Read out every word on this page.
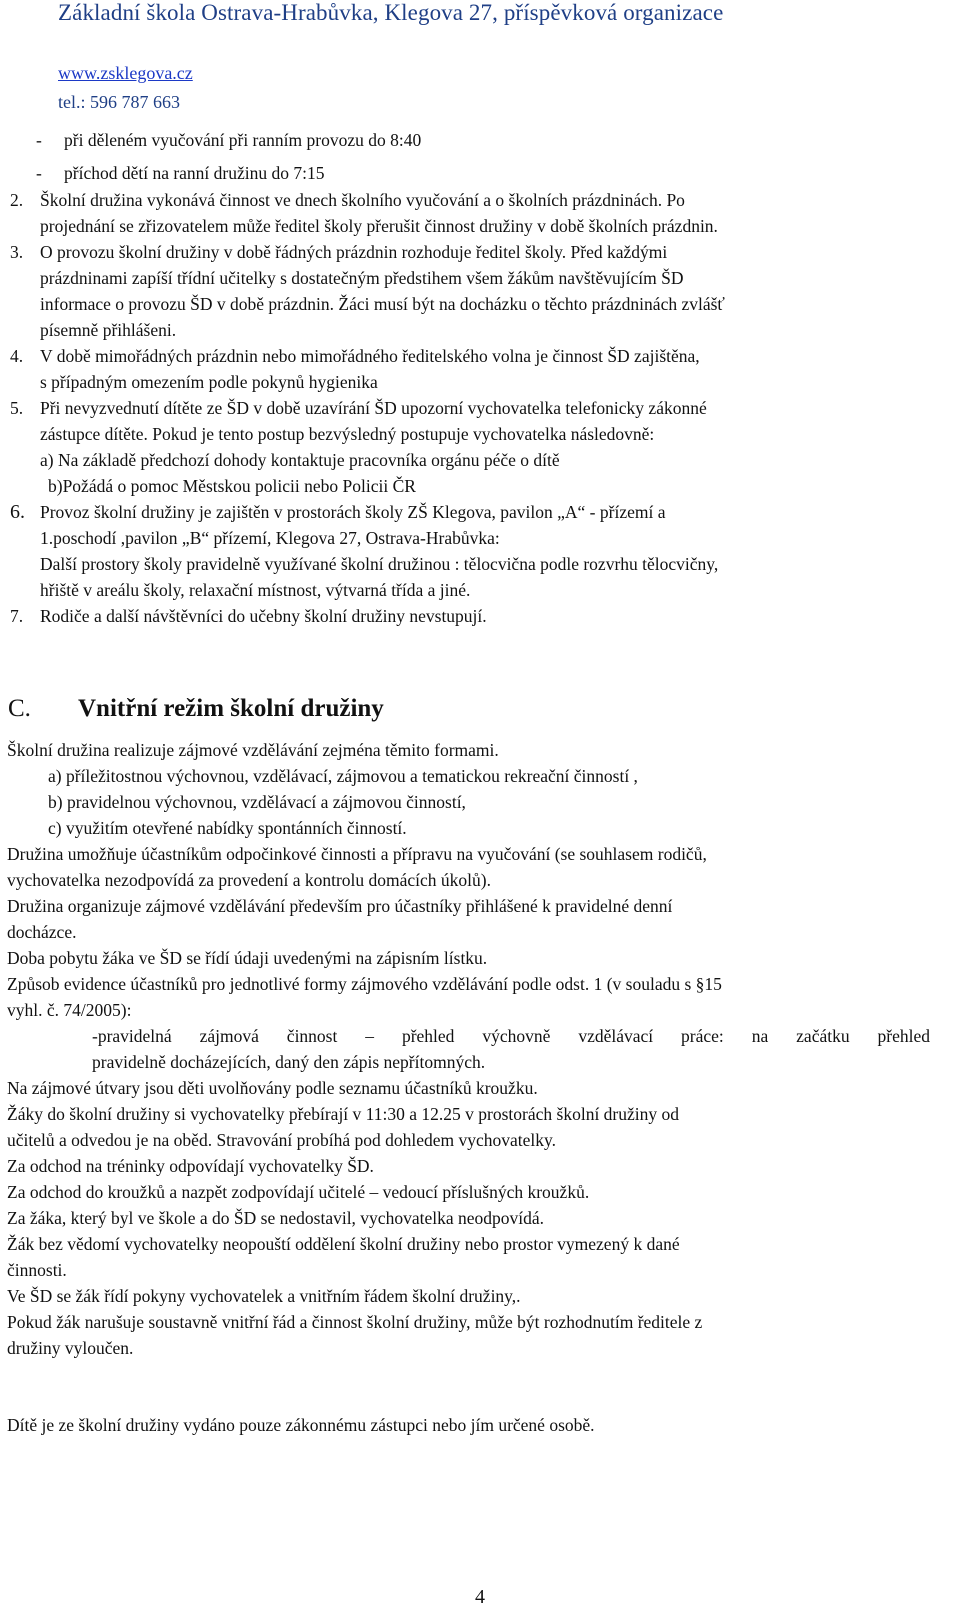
Základní škola Ostrava-Hrabůvka, Klegova 27, příspěvková organizace
www.zsklegova.cz
tel.: 596 787 663
- při děleném vyučování při ranním provozu do 8:40
- příchod dětí na ranní družinu do 7:15
2. Školní družina vykonává činnost ve dnech školního vyučování a o školních prázdninách. Po
projednání se zřizovatelem může ředitel školy přerušit činnost družiny v době školních prázdnin.
3. O provozu školní družiny v době řádných prázdnin rozhoduje ředitel školy. Před každými
prázdninami zapíší třídní učitelky s dostatečným předstihem všem žákům navštěvujícím ŠD
informace o provozu ŠD v době prázdnin. Žáci musí být na docházku o těchto prázdninách zvlášť
písemně přihlášeni.
4. V době mimořádných prázdnin nebo mimořádného ředitelského volna je činnost ŠD zajištěna,
s případným omezením podle pokynů hygienika
5. Při nevyzvednutí dítěte ze ŠD v době uzavírání ŠD upozorní vychovatelka telefonicky zákonné
zástupce dítěte. Pokud je tento postup bezvýsledný postupuje vychovatelka následovně:
a) Na základě předchozí dohody kontaktuje pracovníka orgánu péče o dítě
b)Požádá o pomoc Městskou policii nebo Policii ČR
6. Provoz školní družiny je zajištěn v prostorách školy ZŠ Klegova, pavilon „A“ - přízemí a
1.poschodí ,pavilon „B“ přízemí, Klegova 27, Ostrava-Hrabůvka:
Další prostory školy pravidelně využívané školní družinou : tělocvična podle rozvrhu tělocvičny,
hřiště v areálu školy, relaxační místnost, výtvarná třída a jiné.
7. Rodiče a další návštěvníci do učebny školní družiny nevstupují.
C. Vnitřní režim školní družiny
Školní družina realizuje zájmové vzdělávání zejména těmito formami.
a) příležitostnou výchovnou, vzdělávací, zájmovou a tematickou rekreační činností ,
b) pravidelnou výchovnou, vzdělávací a zájmovou činností,
c) využitím otevřené nabídky spontánních činností.
Družina umožňuje účastníkům odpočinkové činnosti a přípravu na vyučování (se souhlasem rodičů,
vychovatelka nezodpovídá za provedení a kontrolu domácích úkolů).
Družina organizuje zájmové vzdělávání především pro účastníky přihlášené k pravidelné denní
docházce.
Doba pobytu žáka ve ŠD se řídí údaji uvedenými na zápisním lístku.
Způsob evidence účastníků pro jednotlivé formy zájmového vzdělávání podle odst. 1 (v souladu s §15
vyhl. č. 74/2005):
-pravidelná zájmová činnost – přehled výchovně vzdělávací práce: na začátku přehled
pravidelně docházejících, daný den zápis nepřítomných.
Na zájmové útvary jsou děti uvolňovány podle seznamu účastníků kroužku.
Žáky do školní družiny si vychovatelky přebírají v 11:30 a 12.25 v prostorách školní družiny od
učitelů a odvedou je na oběd. Stravování probíhá pod dohledem vychovatelky.
Za odchod na tréninky odpovídají vychovatelky ŠD.
Za odchod do kroužků a nazpět zodpovídají učitelé – vedoucí příslušných kroužků.
Za žáka, který byl ve škole a do ŠD se nedostavil, vychovatelka neodpovídá.
Žák bez vědomí vychovatelky neopouští oddělení školní družiny nebo prostor vymezený k dané
činnosti.
Ve ŠD se žák řídí pokyny vychovatelek a vnitřním řádem školní družiny,.
Pokud žák narušuje soustavně vnitřní řád a činnost školní družiny, může být rozhodnutím ředitele z
družiny vyloučen.
Dítě je ze školní družiny vydáno pouze zákonnému zástupci nebo jím určené osobě.
4
